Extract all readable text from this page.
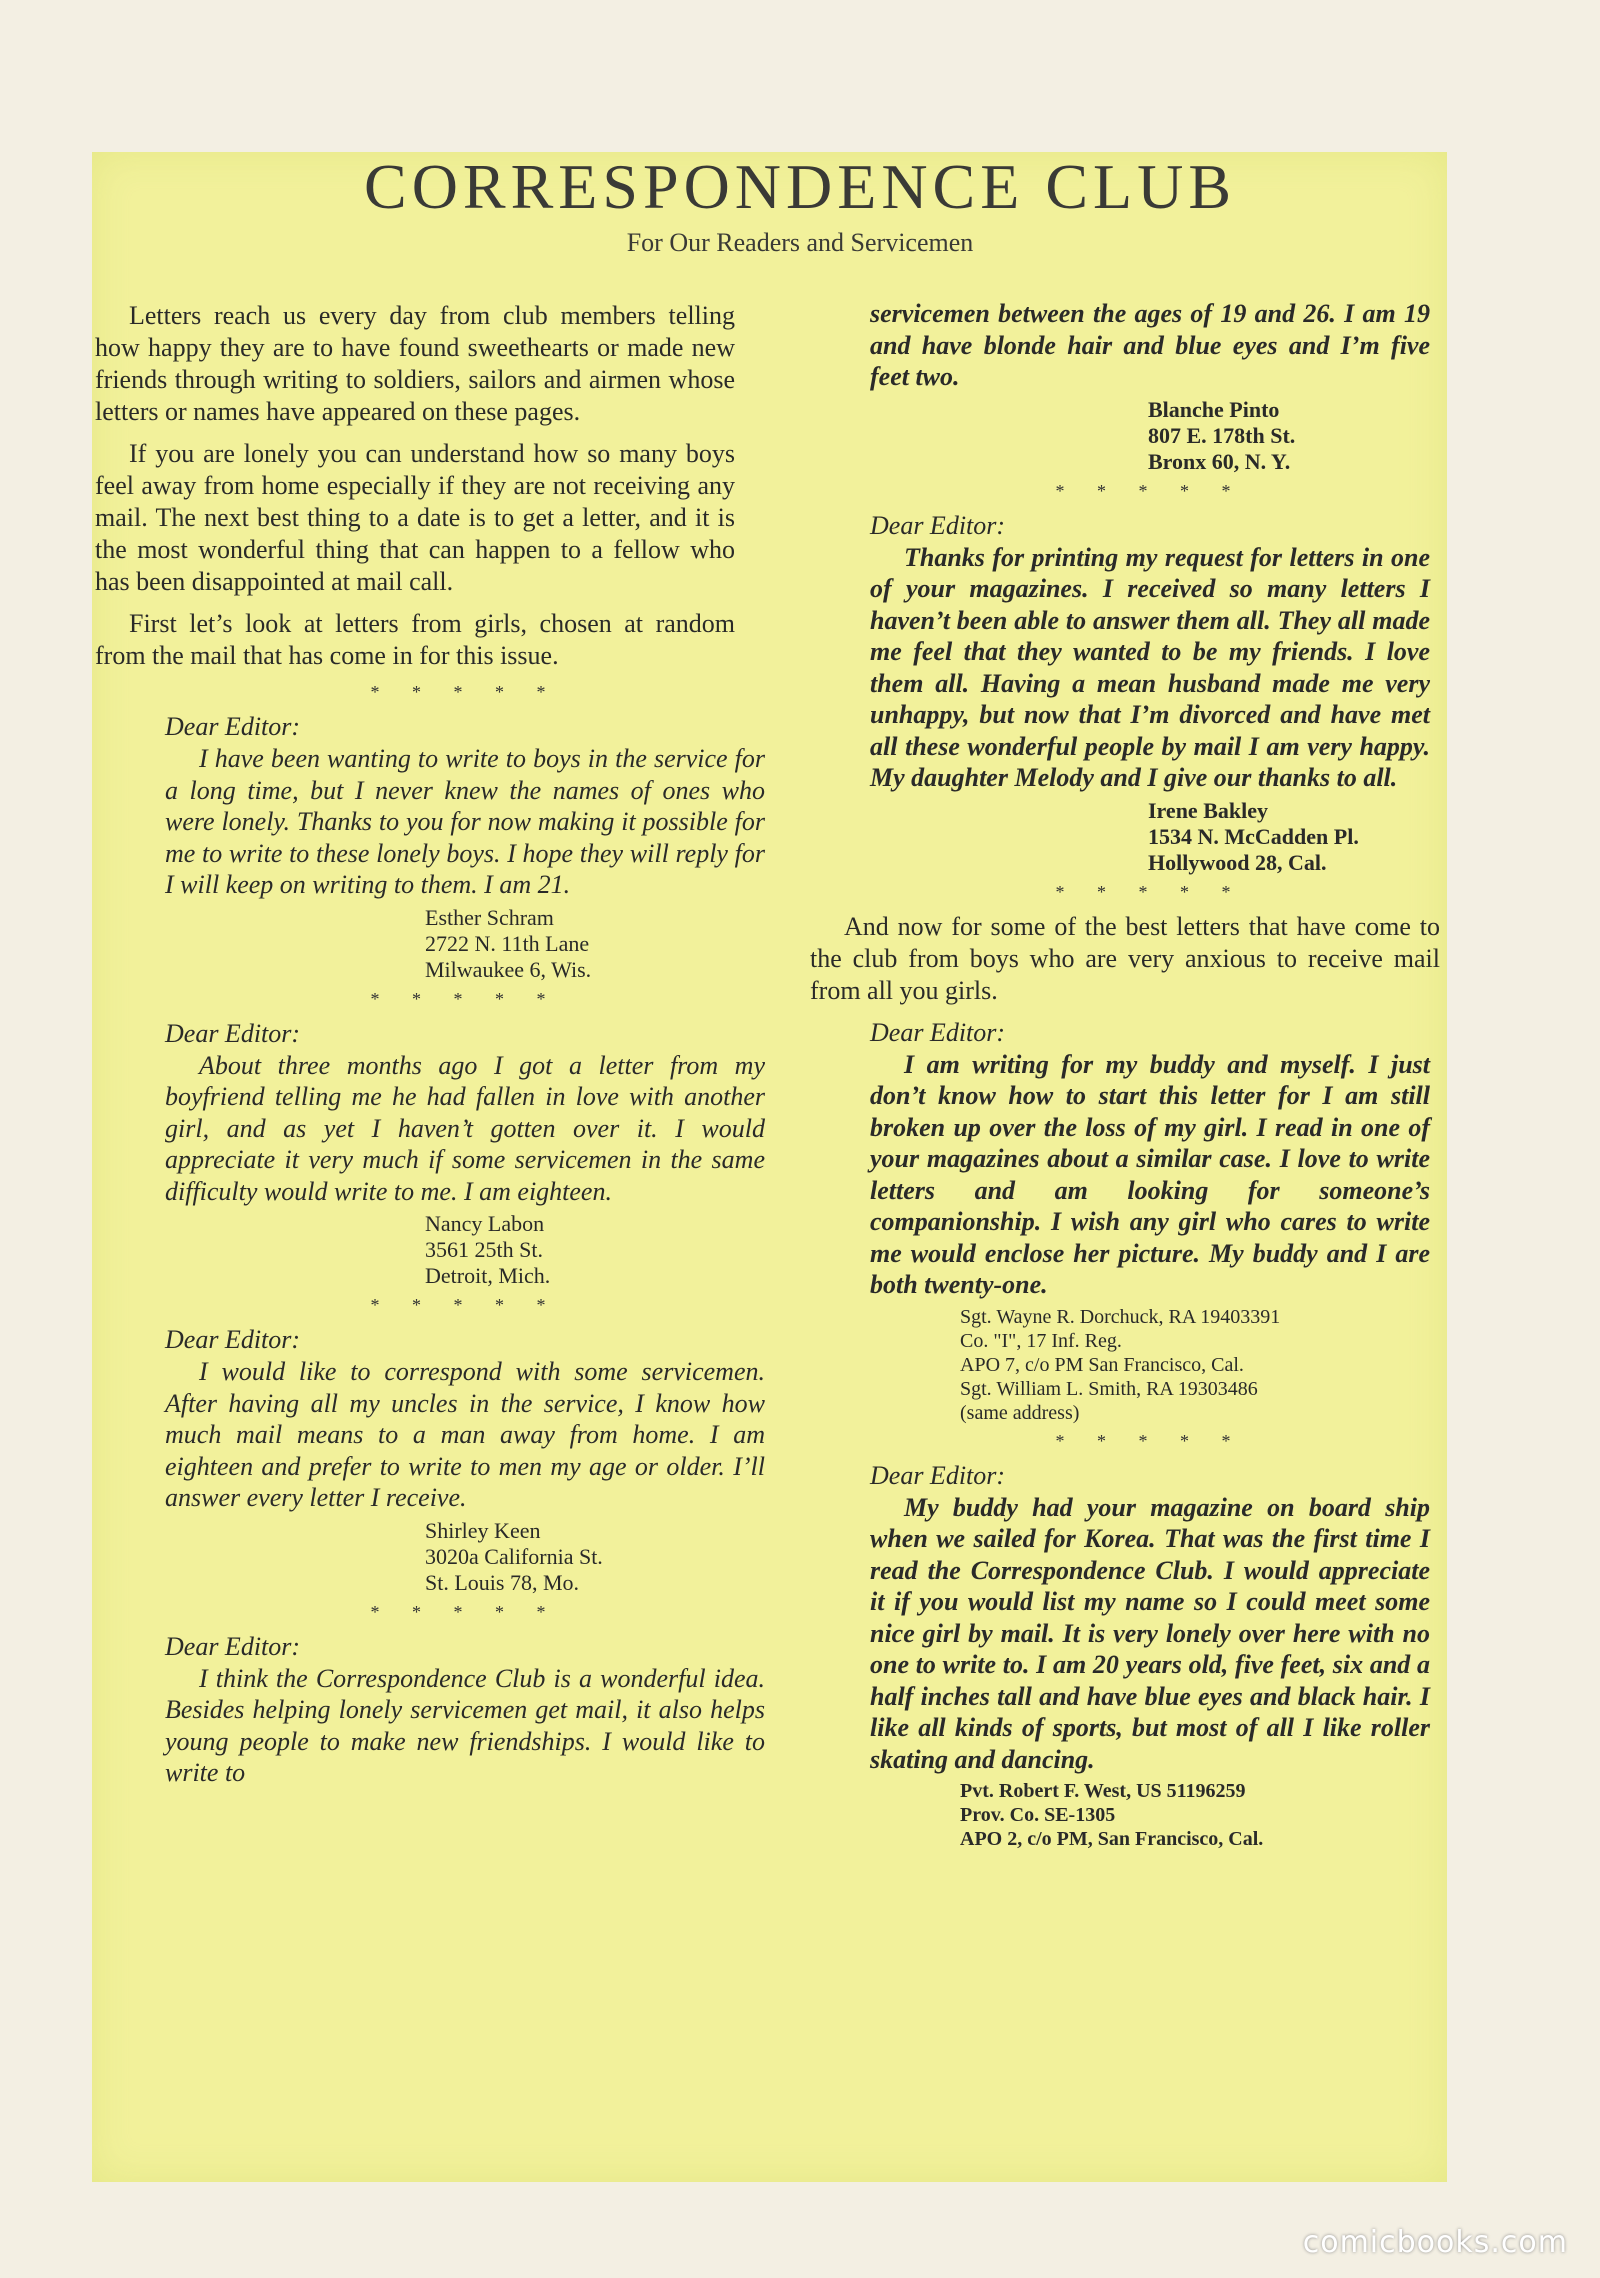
CORRESPONDENCE CLUB
For Our Readers and Servicemen

Letters reach us every day from club members telling how happy they are to have found sweethearts or made new friends through writing to soldiers, sailors and airmen whose letters or names have appeared on these pages.

If you are lonely you can understand how so many boys feel away from home especially if they are not receiving any mail. The next best thing to a date is to get a letter, and it is the most wonderful thing that can happen to a fellow who has been disappointed at mail call.

First let’s look at letters from girls, chosen at random from the mail that has come in for this issue.

* * * * *

Dear Editor:

I have been wanting to write to boys in the service for a long time, but I never knew the names of ones who were lonely. Thanks to you for now making it possible for me to write to these lonely boys. I hope they will reply for I will keep on writing to them. I am 21.

Esther Schram
2722 N. 11th Lane
Milwaukee 6, Wis.
* * * * *

Dear Editor:

About three months ago I got a letter from my boyfriend telling me he had fallen in love with another girl, and as yet I haven’t gotten over it. I would appreciate it very much if some servicemen in the same difficulty would write to me. I am eighteen.

Nancy Labon
3561 25th St.
Detroit, Mich.
* * * * *

Dear Editor:

I would like to correspond with some servicemen. After having all my uncles in the service, I know how much mail means to a man away from home. I am eighteen and prefer to write to men my age or older. I’ll answer every letter I receive.

Shirley Keen
3020a California St.
St. Louis 78, Mo.
* * * * *

Dear Editor:

I think the Correspondence Club is a wonderful idea. Besides helping lonely servicemen get mail, it also helps young people to make new friendships. I would like to write to

servicemen between the ages of 19 and 26. I am 19 and have blonde hair and blue eyes and I’m five feet two.

Blanche Pinto
807 E. 178th St.
Bronx 60, N. Y.
* * * * *

Dear Editor:

Thanks for printing my request for letters in one of your magazines. I received so many letters I haven’t been able to answer them all. They all made me feel that they wanted to be my friends. I love them all. Having a mean husband made me very unhappy, but now that I’m divorced and have met all these wonderful people by mail I am very happy. My daughter Melody and I give our thanks to all.

Irene Bakley
1534 N. McCadden Pl.
Hollywood 28, Cal.
* * * * *

And now for some of the best letters that have come to the club from boys who are very anxious to receive mail from all you girls.

Dear Editor:

I am writing for my buddy and myself. I just don’t know how to start this letter for I am still broken up over the loss of my girl. I read in one of your magazines about a similar case. I love to write letters and am looking for someone’s companionship. I wish any girl who cares to write me would enclose her picture. My buddy and I are both twenty-one.

Sgt. Wayne R. Dorchuck, RA 19403391
Co. "I", 17 Inf. Reg.
APO 7, c/o PM San Francisco, Cal.
Sgt. William L. Smith, RA 19303486
(same address)
* * * * *

Dear Editor:

My buddy had your magazine on board ship when we sailed for Korea. That was the first time I read the Correspondence Club. I would appreciate it if you would list my name so I could meet some nice girl by mail. It is very lonely over here with no one to write to. I am 20 years old, five feet, six and a half inches tall and have blue eyes and black hair. I like all kinds of sports, but most of all I like roller skating and dancing.

Pvt. Robert F. West, US 51196259
Prov. Co. SE-1305
APO 2, c/o PM, San Francisco, Cal.
comicbooks.com
